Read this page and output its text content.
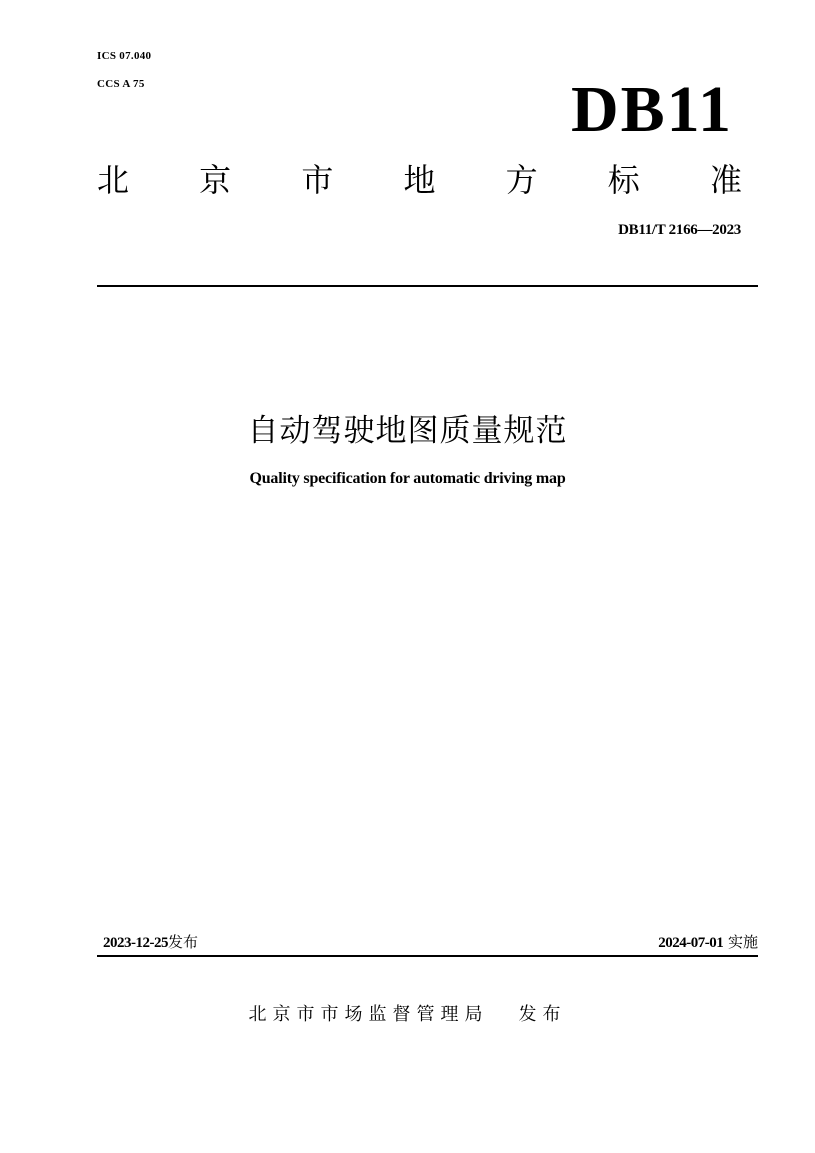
ICS 07.040
CCS A 75	DB11
北 京 市 地 方 标 准
DB11/T 2166—2023
自动驾驶地图质量规范
Quality specification for automatic driving map
2023-12-25发布	2024-07-01 实施
北京市市场监督管理局 发布
